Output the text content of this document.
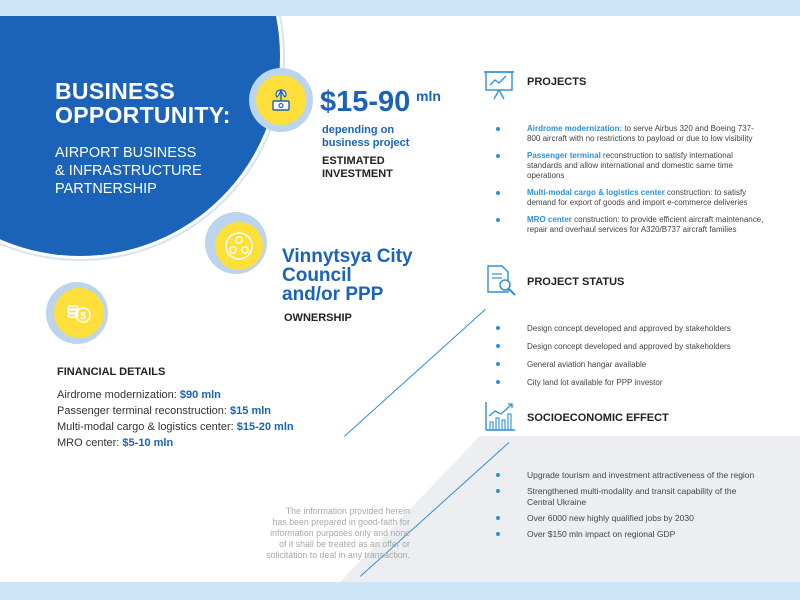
BUSINESS
OPPORTUNITY:
AIRPORT BUSINESS
& INFRASTRUCTURE
PARTNERSHIP
$15-90 mln
depending on
business project
ESTIMATED
INVESTMENT
Vinnytsya City
Council
and/or PPP
OWNERSHIP
$
FINANCIAL DETAILS
Airdrome modernization: $90 mln
Passenger terminal reconstruction: $15 mln
Multi-modal cargo & logistics center: $15-20 mln
MRO center: $5-10 mln
The information provided herein
has been prepared in good-faith for
information purposes only and none
of it shall be treated as an offer or
solicitation to deal in any transaction.
PROJECTS
Airdrome modernization: to serve Airbus 320 and Boeing 737-800 aircraft with no restrictions to payload or due to low visibility
Passenger terminal reconstruction to satisfy international standards and allow international and domestic same time operations
Multi-modal cargo & logistics center construction: to satisfy demand for export of goods and import e-commerce deliveries
MRO center construction: to provide efficient aircraft maintenance, repair and overhaul services for A320/B737 aircraft families
PROJECT STATUS
Design concept developed and approved by stakeholders
Design concept developed and approved by stakeholders
General aviation hangar available
City land lot available for PPP investor
SOCIOECONOMIC EFFECT
Upgrade tourism and investment attractiveness of the region
Strengthened multi-modality and transit capability of the Central Ukraine
Over 6000 new highly qualified jobs by 2030
Over $150 mln impact on regional GDP
